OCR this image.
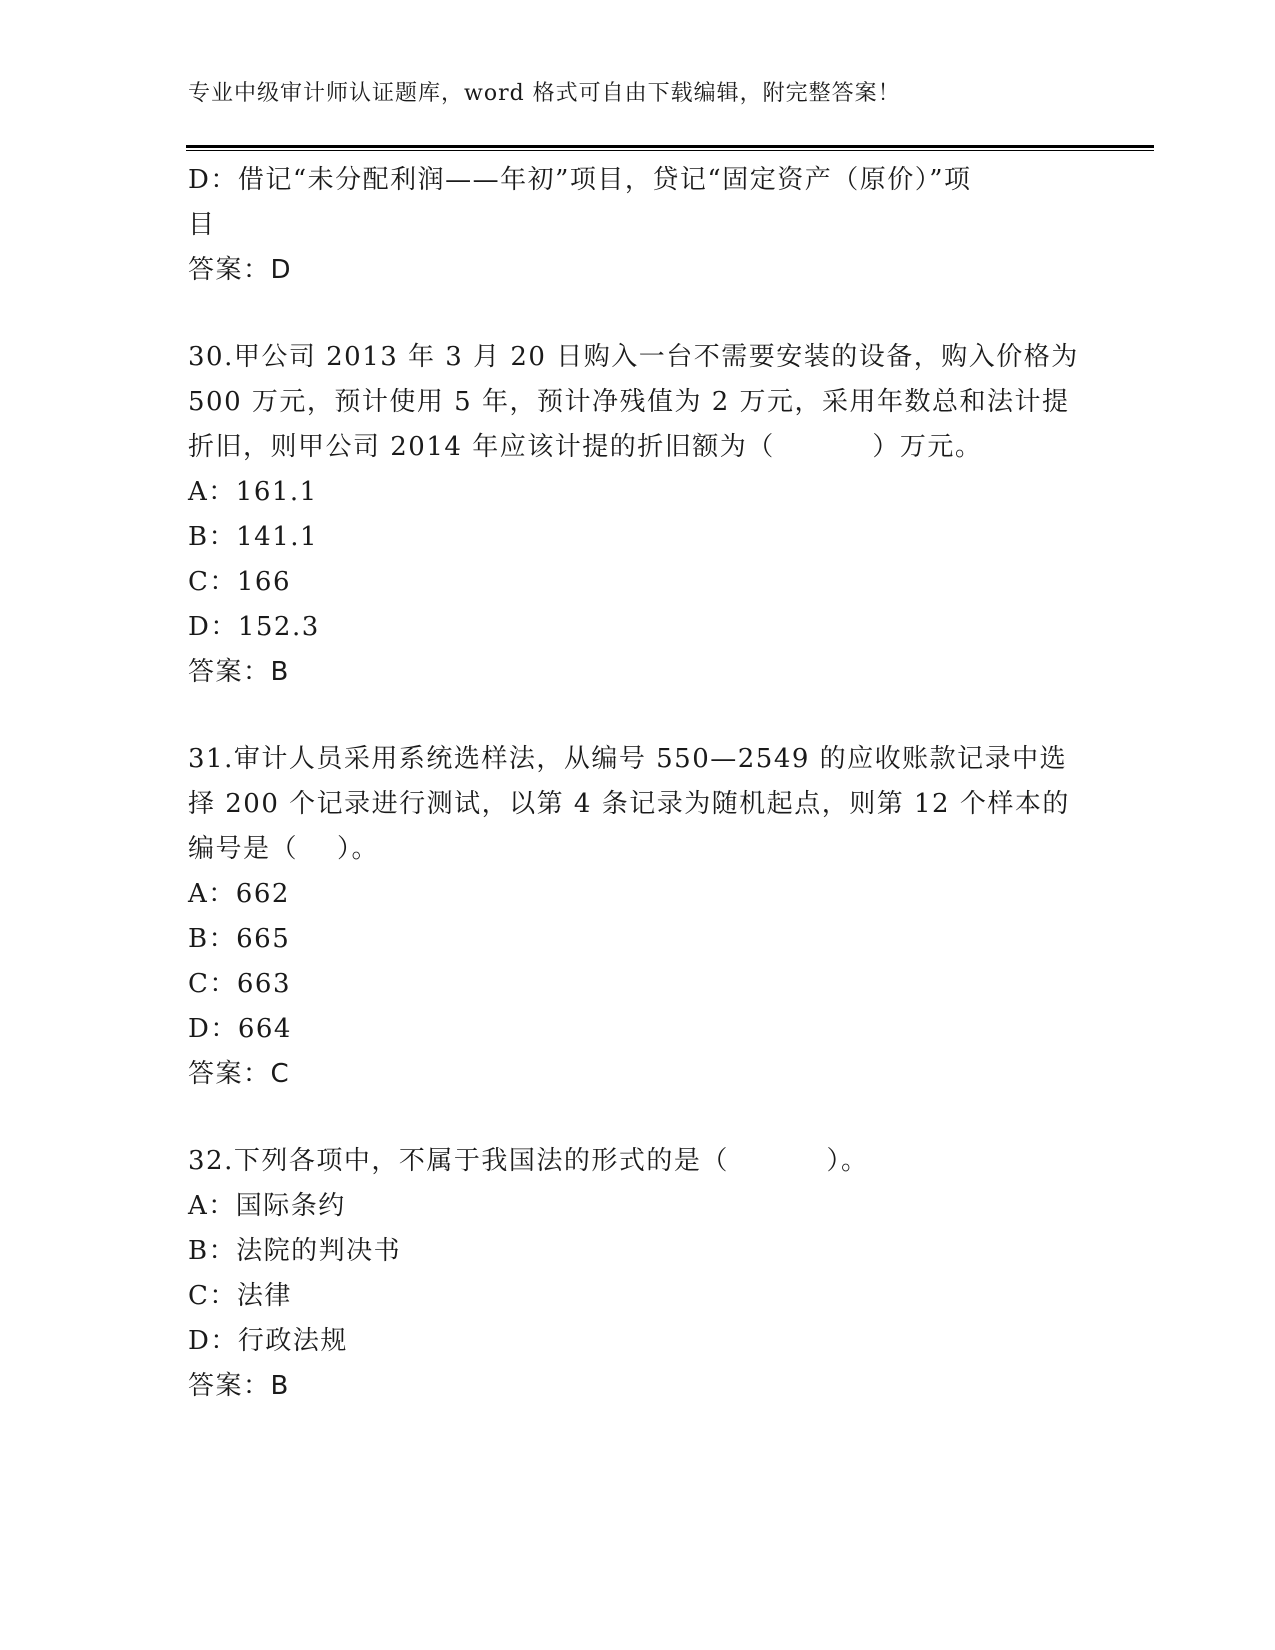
专业中级审计师认证题库，word 格式可自由下载编辑，附完整答案！
D：借记“未分配利润——年初”项目，贷记“固定资产（原价）”项
目
答案：D
30.甲公司 2013 年 3 月 20 日购入一台不需要安装的设备，购入价格为
500 万元，预计使用 5 年，预计净残值为 2 万元，采用年数总和法计提
折旧，则甲公司 2014 年应该计提的折旧额为（          ）万元。
A：161.1
B：141.1
C：166
D：152.3
答案：B
31.审计人员采用系统选样法，从编号 550—2549 的应收账款记录中选
择 200 个记录进行测试，以第 4 条记录为随机起点，则第 12 个样本的
编号是（    ）。
A：662
B：665
C：663
D：664
答案：C
32.下列各项中，不属于我国法的形式的是（          ）。
A：国际条约
B：法院的判决书
C：法律
D：行政法规
答案：B
